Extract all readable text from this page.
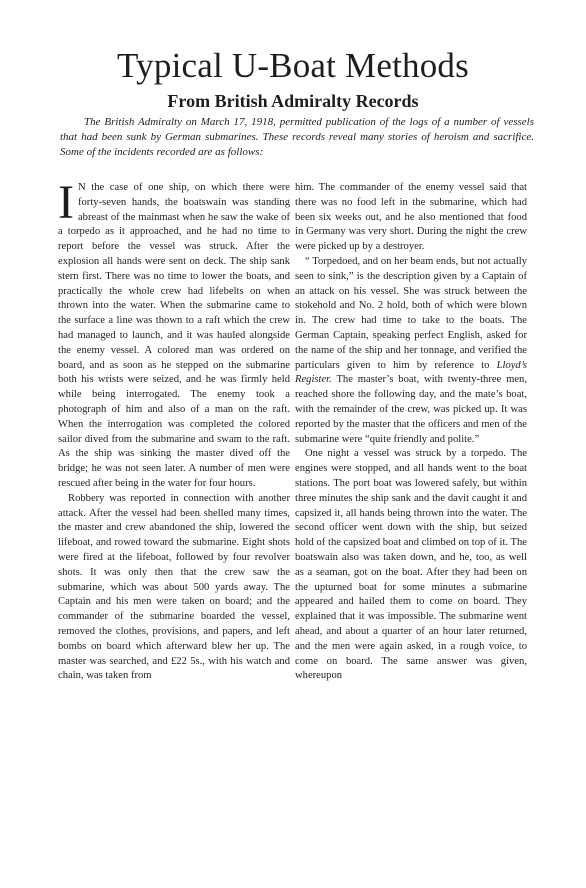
Typical U-Boat Methods
From British Admiralty Records
The British Admiralty on March 17, 1918, permitted publication of the logs of a number of vessels that had been sunk by German submarines. These records reveal many stories of heroism and sacrifice. Some of the incidents recorded are as follows:

I N the case of one ship, on which there were forty-seven hands, the boatswain was standing abreast of the mainmast when he saw the wake of a torpedo as it approached, and he had no time to report before the vessel was struck. After the explosion all hands were sent on deck. The ship sank stern first. There was no time to lower the boats, and practically the whole crew had lifebelts on when thrown into the water. When the submarine came to the surface a line was thown to a raft which the crew had managed to launch, and it was hauled alongside the enemy vessel. A colored man was ordered on board, and as soon as he stepped on the submarine both his wrists were seized, and he was firmly held while being interrogated. The enemy took a photograph of him and also of a man on the raft. When the interrogation was completed the colored sailor dived from the submarine and swam to the raft. As the ship was sinking the master dived off the bridge; he was not seen later. A number of men were rescued after being in the water for four hours.

Robbery was reported in connection with another attack. After the vessel had been shelled many times, the master and crew abandoned the ship, lowered the lifeboat, and rowed toward the submarine. Eight shots were fired at the lifeboat, followed by four revolver shots. It was only then that the crew saw the submarine, which was about 500 yards away. The Captain and his men were taken on board; and the commander of the submarine boarded the vessel, removed the clothes, provisions, and papers, and left bombs on board which afterward blew her up. The master was searched, and £22 5s., with his watch and chain, was taken from

him. The commander of the enemy vessel said that there was no food left in the submarine, which had been six weeks out, and he also mentioned that food in Germany was very short. During the night the crew were picked up by a destroyer.

“ Torpedoed, and on her beam ends, but not actually seen to sink,” is the description given by a Captain of an attack on his vessel. She was struck between the stokehold and No. 2 hold, both of which were blown in. The crew had time to take to the boats. The German Captain, speaking perfect English, asked for the name of the ship and her tonnage, and verified the particulars given to him by reference to Lloyd’s Register. The master’s boat, with twenty-three men, reached shore the following day, and the mate’s boat, with the remainder of the crew, was picked up. It was reported by the master that the officers and men of the submarine were “quite friendly and polite.”

One night a vessel was struck by a torpedo. The engines were stopped, and all hands went to the boat stations. The port boat was lowered safely, but within three minutes the ship sank and the davit caught it and capsized it, all hands being thrown into the water. The second officer went down with the ship, but seized hold of the capsized boat and climbed on top of it. The boatswain also was taken down, and he, too, as well as a seaman, got on the boat. After they had been on the upturned boat for some minutes a submarine appeared and hailed them to come on board. They explained that it was impossible. The submarine went ahead, and about a quarter of an hour later returned, and the men were again asked, in a rough voice, to come on board. The same answer was given, whereupon
